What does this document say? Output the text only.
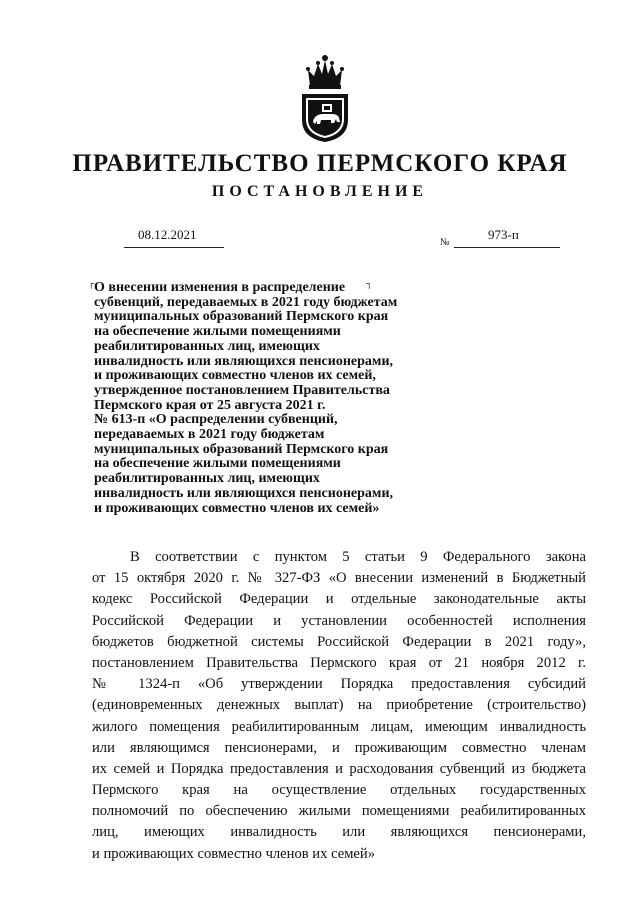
ПРАВИТЕЛЬСТВО ПЕРМСКОГО КРАЯ
ПОСТАНОВЛЕНИЕ
08.12.2021
№
973-п
┌	┐
О внесении изменения в распределение
субвенций, передаваемых в 2021 году бюджетам
муниципальных образований Пермского края
на обеспечение жилыми помещениями
реабилитированных лиц, имеющих
инвалидность или являющихся пенсионерами,
и проживающих совместно членов их семей,
утвержденное постановлением Правительства
Пермского края от 25 августа 2021 г.
№ 613-п «О распределении субвенций,
передаваемых в 2021 году бюджетам
муниципальных образований Пермского края
на обеспечение жилыми помещениями
реабилитированных лиц, имеющих
инвалидность или являющихся пенсионерами,
и проживающих совместно членов их семей»
В соответствии с пунктом 5 статьи 9 Федерального закона
от 15 октября 2020 г. № 327-ФЗ «О внесении изменений в Бюджетный
кодекс Российской Федерации и отдельные законодательные акты
Российской Федерации и установлении особенностей исполнения
бюджетов бюджетной системы Российской Федерации в 2021 году»,
постановлением Правительства Пермского края от 21 ноября 2012 г.
№ 1324-п «Об утверждении Порядка предоставления субсидий
(единовременных денежных выплат) на приобретение (строительство)
жилого помещения реабилитированным лицам, имеющим инвалидность
или являющимся пенсионерами, и проживающим совместно членам
их семей и Порядка предоставления и расходования субвенций из бюджета
Пермского края на осуществление отдельных государственных
полномочий по обеспечению жилыми помещениями реабилитированных
лиц, имеющих инвалидность или являющихся пенсионерами,
и проживающих совместно членов их семей»
